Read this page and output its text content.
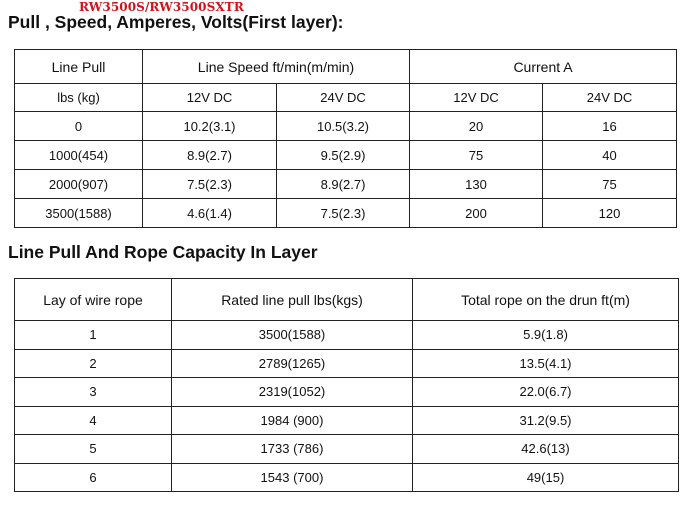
RW3500S/RW3500SXTR
Pull , Speed, Amperes, Volts(First layer):
Line Pull	Line Speed ft/min(m/min)		Current A	
lbs (kg)	12V DC	24V DC	12V DC	24V DC
0	10.2(3.1)	10.5(3.2)	20	16
1000(454)	8.9(2.7)	9.5(2.9)	75	40
2000(907)	7.5(2.3)	8.9(2.7)	130	75
3500(1588)	4.6(1.4)	7.5(2.3)	200	120
Line Pull And Rope Capacity In Layer
Lay of wire rope	Rated line pull lbs(kgs)	Total rope on the drun ft(m)
1	3500(1588)	5.9(1.8)
2	2789(1265)	13.5(4.1)
3	2319(1052)	22.0(6.7)
4	1984 (900)	31.2(9.5)
5	1733 (786)	42.6(13)
6	1543 (700)	49(15)
